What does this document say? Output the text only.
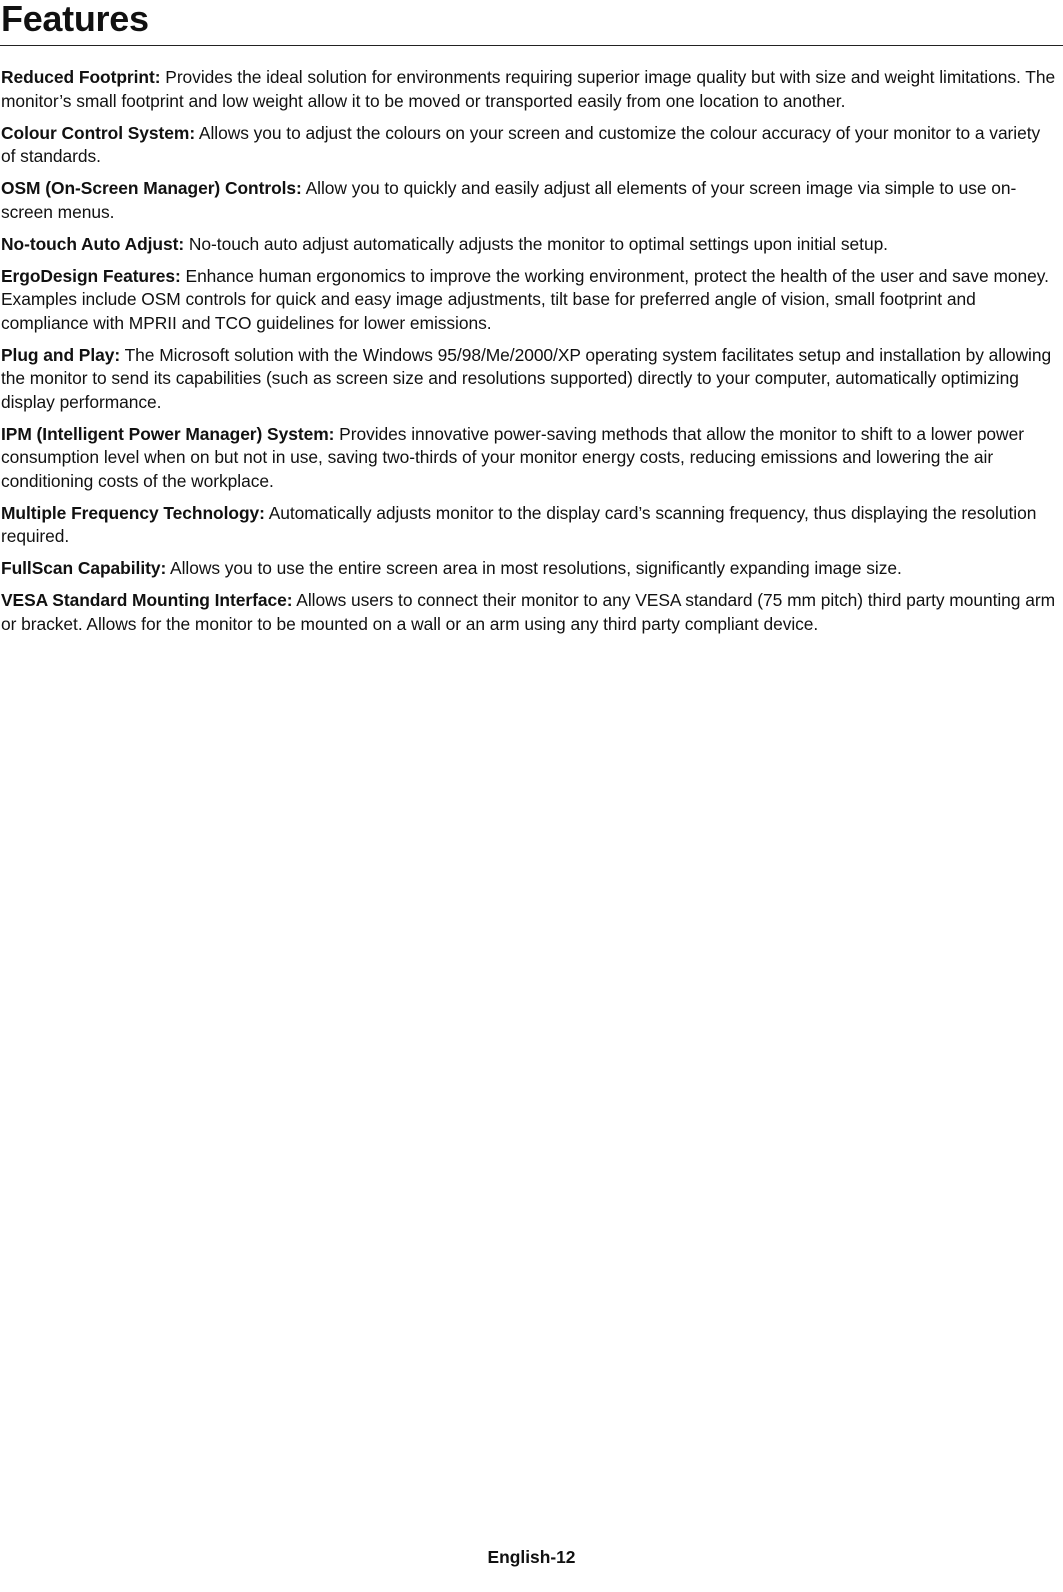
Features

Reduced Footprint: Provides the ideal solution for environments requiring superior image quality but with size and weight limitations. The monitor’s small footprint and low weight allow it to be moved or transported easily from one location to another.

Colour Control System: Allows you to adjust the colours on your screen and customize the colour accuracy of your monitor to a variety of standards.

OSM (On-Screen Manager) Controls: Allow you to quickly and easily adjust all elements of your screen image via simple to use on-screen menus.

No-touch Auto Adjust: No-touch auto adjust automatically adjusts the monitor to optimal settings upon initial setup.

ErgoDesign Features: Enhance human ergonomics to improve the working environment, protect the health of the user and save money. Examples include OSM controls for quick and easy image adjustments, tilt base for preferred angle of vision, small footprint and compliance with MPRII and TCO guidelines for lower emissions.

Plug and Play: The Microsoft solution with the Windows 95/98/Me/2000/XP operating system facilitates setup and installation by allowing the monitor to send its capabilities (such as screen size and resolutions supported) directly to your computer, automatically optimizing display performance.

IPM (Intelligent Power Manager) System: Provides innovative power-saving methods that allow the monitor to shift to a lower power consumption level when on but not in use, saving two-thirds of your monitor energy costs, reducing emissions and lowering the air conditioning costs of the workplace.

Multiple Frequency Technology: Automatically adjusts monitor to the display card’s scanning frequency, thus displaying the resolution required.

FullScan Capability: Allows you to use the entire screen area in most resolutions, significantly expanding image size.

VESA Standard Mounting Interface: Allows users to connect their monitor to any VESA standard (75 mm pitch) third party mounting arm or bracket. Allows for the monitor to be mounted on a wall or an arm using any third party compliant device.

English-12
